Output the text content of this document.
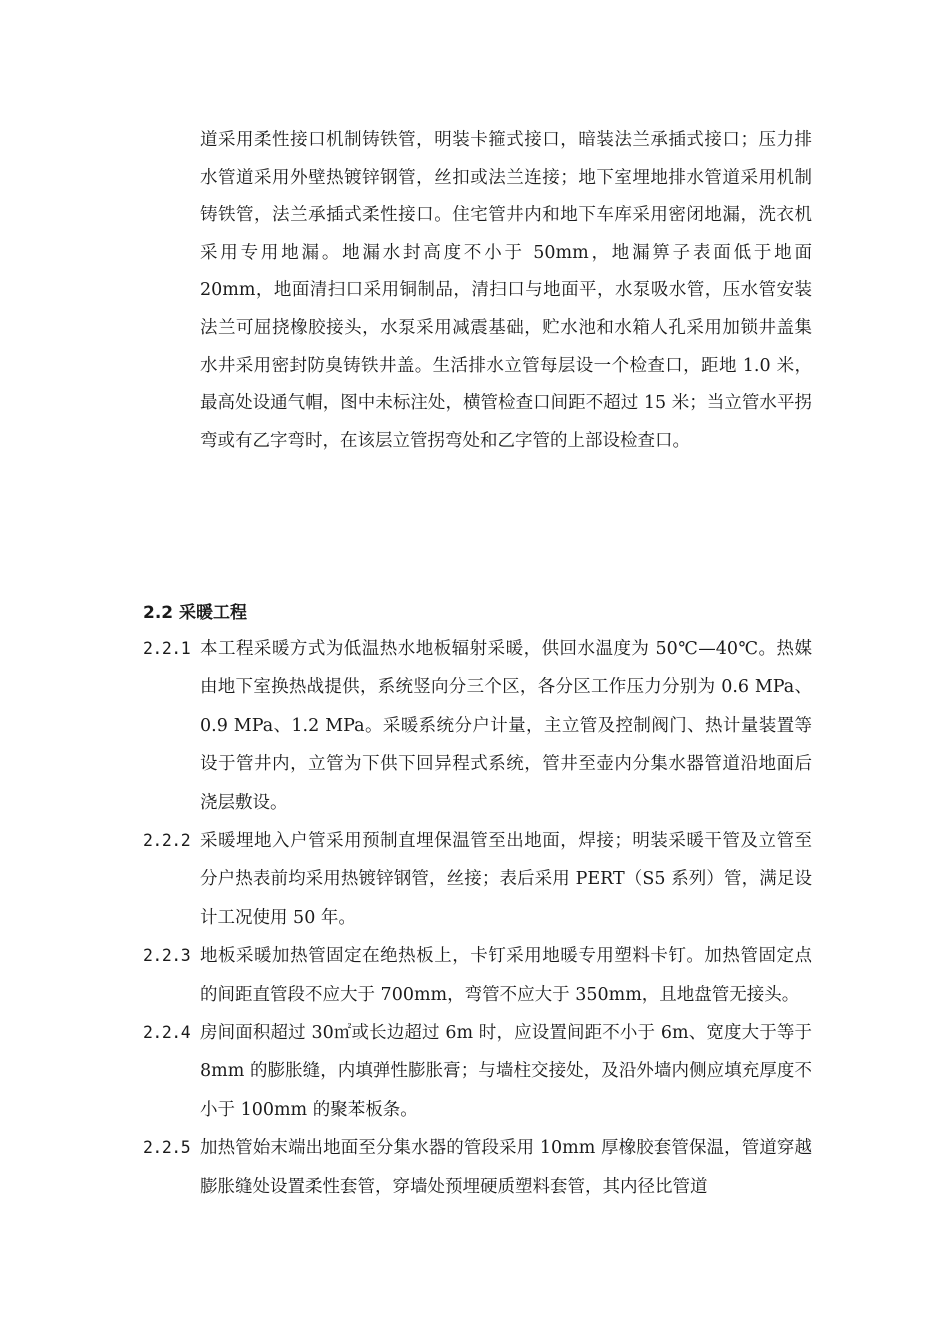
道采用柔性接口机制铸铁管，明装卡箍式接口，暗装法兰承插式接口；压力排水管道采用外壁热镀锌钢管，丝扣或法兰连接；地下室埋地排水管道采用机制铸铁管，法兰承插式柔性接口。住宅管井内和地下车库采用密闭地漏，洗衣机采用专用地漏。地漏水封高度不小于 50mm，地漏箅子表面低于地面 20mm，地面清扫口采用铜制品，清扫口与地面平，水泵吸水管，压水管安装法兰可屈挠橡胶接头，水泵采用减震基础，贮水池和水箱人孔采用加锁井盖集水井采用密封防臭铸铁井盖。生活排水立管每层设一个检查口，距地 1.0 米，最高处设通气帽，图中未标注处，横管检查口间距不超过 15 米；当立管水平拐弯或有乙字弯时，在该层立管拐弯处和乙字管的上部设检查口。

2.2 采暖工程
2.2.1 本工程采暖方式为低温热水地板辐射采暖，供回水温度为 50℃—40℃。热媒由地下室换热战提供，系统竖向分三个区，各分区工作压力分别为 0.6 MPa、0.9 MPa、1.2 MPa。采暖系统分户计量，主立管及控制阀门、热计量装置等设于管井内，立管为下供下回异程式系统，管井至壶内分集水器管道沿地面后浇层敷设。
2.2.2 采暖埋地入户管采用预制直埋保温管至出地面，焊接；明装采暖干管及立管至分户热表前均采用热镀锌钢管，丝接；表后采用 PERT（S5 系列）管，满足设计工况使用 50 年。
2.2.3 地板采暖加热管固定在绝热板上，卡钉采用地暖专用塑料卡钉。加热管固定点的间距直管段不应大于 700mm，弯管不应大于 350mm，且地盘管无接头。
2.2.4 房间面积超过 30㎡或长边超过 6m 时，应设置间距不小于 6m、宽度大于等于 8mm 的膨胀缝，内填弹性膨胀膏；与墙柱交接处，及沿外墙内侧应填充厚度不小于 100mm 的聚苯板条。
2.2.5 加热管始末端出地面至分集水器的管段采用 10mm 厚橡胶套管保温，管道穿越膨胀缝处设置柔性套管，穿墙处预埋硬质塑料套管，其内径比管道
